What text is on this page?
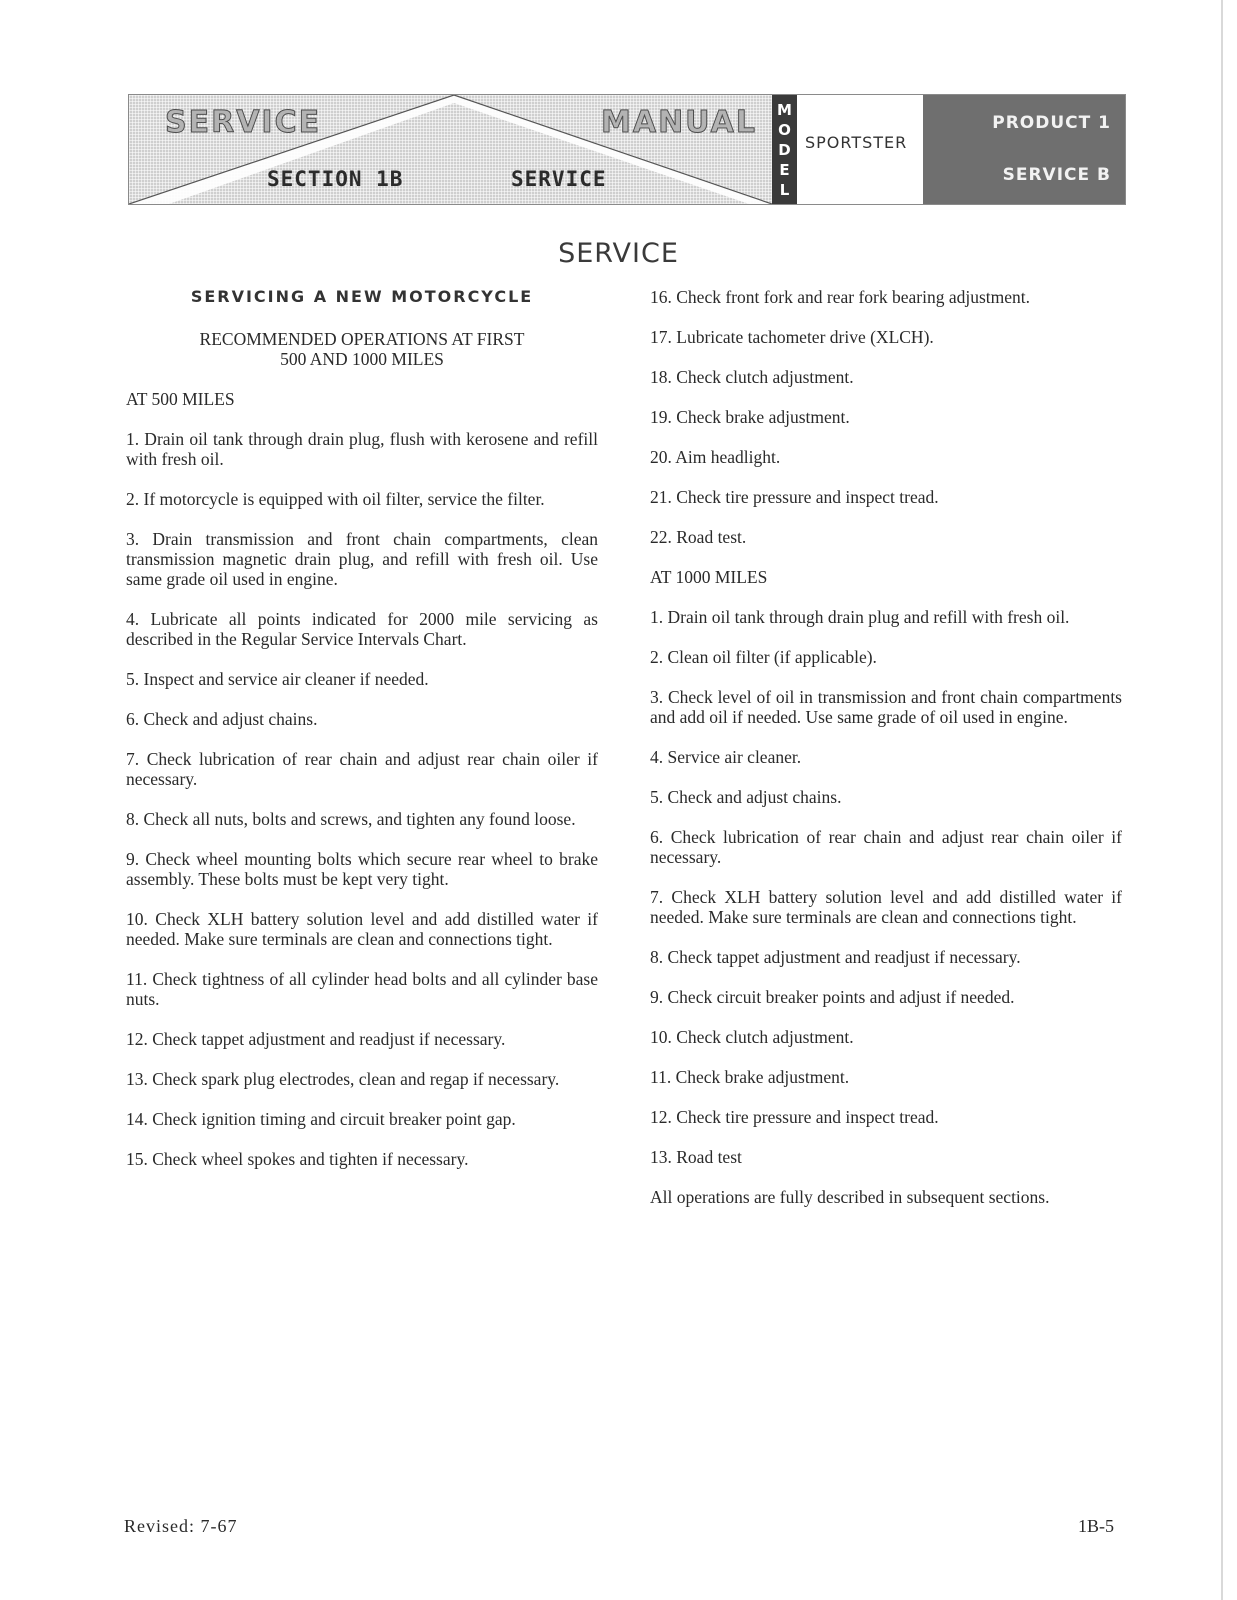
SERVICE	MANUAL
SECTION 1B	SERVICE
M
O
D
E
L
SPORTSTER
PRODUCT 1
SERVICE B
SERVICE

SERVICING A NEW MOTORCYCLE

RECOMMENDED OPERATIONS AT FIRST 500 AND 1000 MILES

AT 500 MILES

1. Drain oil tank through drain plug, flush with kerosene and refill with fresh oil.

2. If motorcycle is equipped with oil filter, service the filter.

3. Drain transmission and front chain compartments, clean transmission magnetic drain plug, and refill with fresh oil. Use same grade oil used in engine.

4. Lubricate all points indicated for 2000 mile servicing as described in the Regular Service Intervals Chart.

5. Inspect and service air cleaner if needed.

6. Check and adjust chains.

7. Check lubrication of rear chain and adjust rear chain oiler if necessary.

8. Check all nuts, bolts and screws, and tighten any found loose.

9. Check wheel mounting bolts which secure rear wheel to brake assembly. These bolts must be kept very tight.

10. Check XLH battery solution level and add distilled water if needed. Make sure terminals are clean and connections tight.

11. Check tightness of all cylinder head bolts and all cylinder base nuts.

12. Check tappet adjustment and readjust if necessary.

13. Check spark plug electrodes, clean and regap if necessary.

14. Check ignition timing and circuit breaker point gap.

15. Check wheel spokes and tighten if necessary.

16. Check front fork and rear fork bearing adjustment.

17. Lubricate tachometer drive (XLCH).

18. Check clutch adjustment.

19. Check brake adjustment.

20. Aim headlight.

21. Check tire pressure and inspect tread.

22. Road test.

AT 1000 MILES

1. Drain oil tank through drain plug and refill with fresh oil.

2. Clean oil filter (if applicable).

3. Check level of oil in transmission and front chain compartments and add oil if needed. Use same grade of oil used in engine.

4. Service air cleaner.

5. Check and adjust chains.

6. Check lubrication of rear chain and adjust rear chain oiler if necessary.

7. Check XLH battery solution level and add distilled water if needed. Make sure terminals are clean and connections tight.

8. Check tappet adjustment and readjust if necessary.

9. Check circuit breaker points and adjust if needed.

10. Check clutch adjustment.

11. Check brake adjustment.

12. Check tire pressure and inspect tread.

13. Road test

All operations are fully described in subsequent sections.

Revised: 7-67	1B-5
